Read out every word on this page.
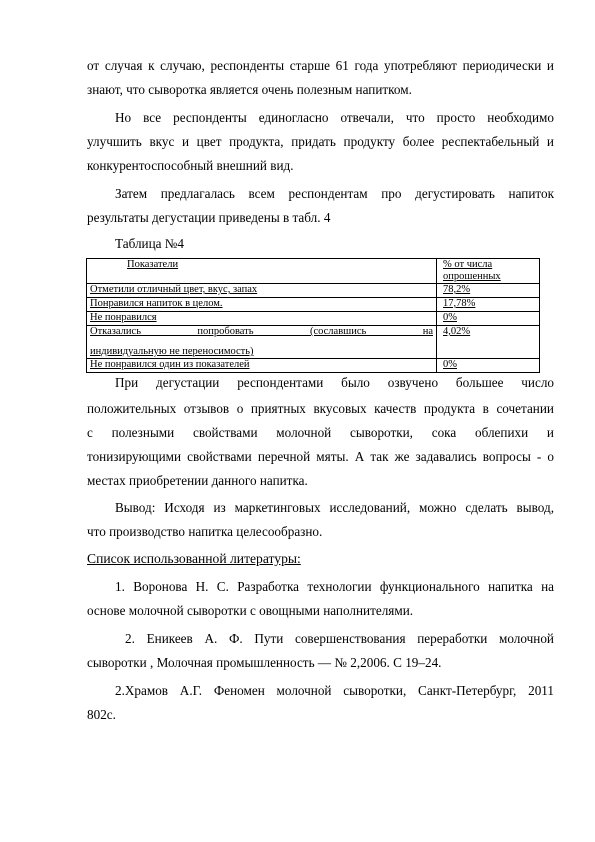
от случая к случаю, респонденты старше 61 года употребляют периодически и
знают, что сыворотка является очень полезным напитком.
Но все респонденты единогласно отвечали, что просто необходимо
улучшить вкус и цвет продукта, придать продукту более респектабельный и
конкурентоспособный внешний вид.
Затем предлагалась всем респондентам про дегустировать напиток
результаты дегустации приведены в табл. 4
Таблица №4
Показатели	% от числа опрошенных
Отметили отличный цвет, вкус, запах	78,2%
Понравился напиток в целом.	17,78%
Не понравился	0%

Отказались попробовать (сославшись на
индивидуальную не переносимость)	4,02%
Не понравился один из показателей	0%
При дегустации респондентами было озвучено большее число
положительных отзывов о приятных вкусовых качеств продукта в сочетании
с полезными свойствами молочной сыворотки, сока облепихи и
тонизирующими свойствами перечной мяты. А так же задавались вопросы - о
местах приобретении данного напитка.
Вывод: Исходя из маркетинговых исследований, можно сделать вывод,
что производство напитка целесообразно.
Список использованной литературы:
1. Воронова Н. С. Разработка технологии функционального напитка на
основе молочной сыворотки с овощными наполнителями.
2. Еникеев А. Ф. Пути совершенствования переработки молочной
сыворотки , Молочная промышленность — № 2,2006. С 19–24.
2.Храмов А.Г. Феномен молочной сыворотки, Санкт-Петербург, 2011
802с.
